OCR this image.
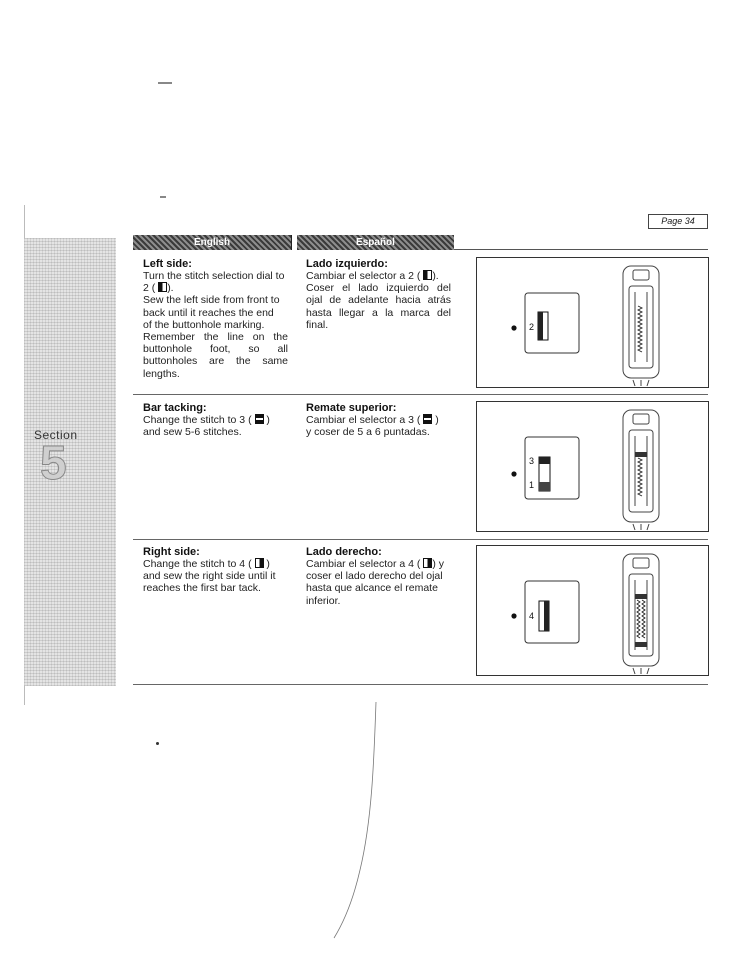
Section
5
Page 34
English	Español
Left side:
Turn the stitch selection dial to
2 ( ).
Sew the left side from front to
back until it reaches the end
of the buttonhole marking.
Remember the line on the
buttonhole foot, so all
buttonholes are the same
lengths.
Lado izquierdo:
Cambiar el selector a 2 ( ).
Coser el lado izquierdo del
ojal de adelante hacia atrás
hasta llegar a la marca del
final.	2
Bar tacking:
Change the stitch to 3 ( )
and sew 5-6 stitches.
Remate superior:
Cambiar el selector a 3 ( )
y coser de 5 a 6 puntadas.
3
1
Right side:
Change the stitch to 4 ( )
and sew the right side until it
reaches the first bar tack.
Lado derecho:
Cambiar el selector a 4 ( ) y
coser el lado derecho del ojal
hasta que alcance el remate
inferior.
4
